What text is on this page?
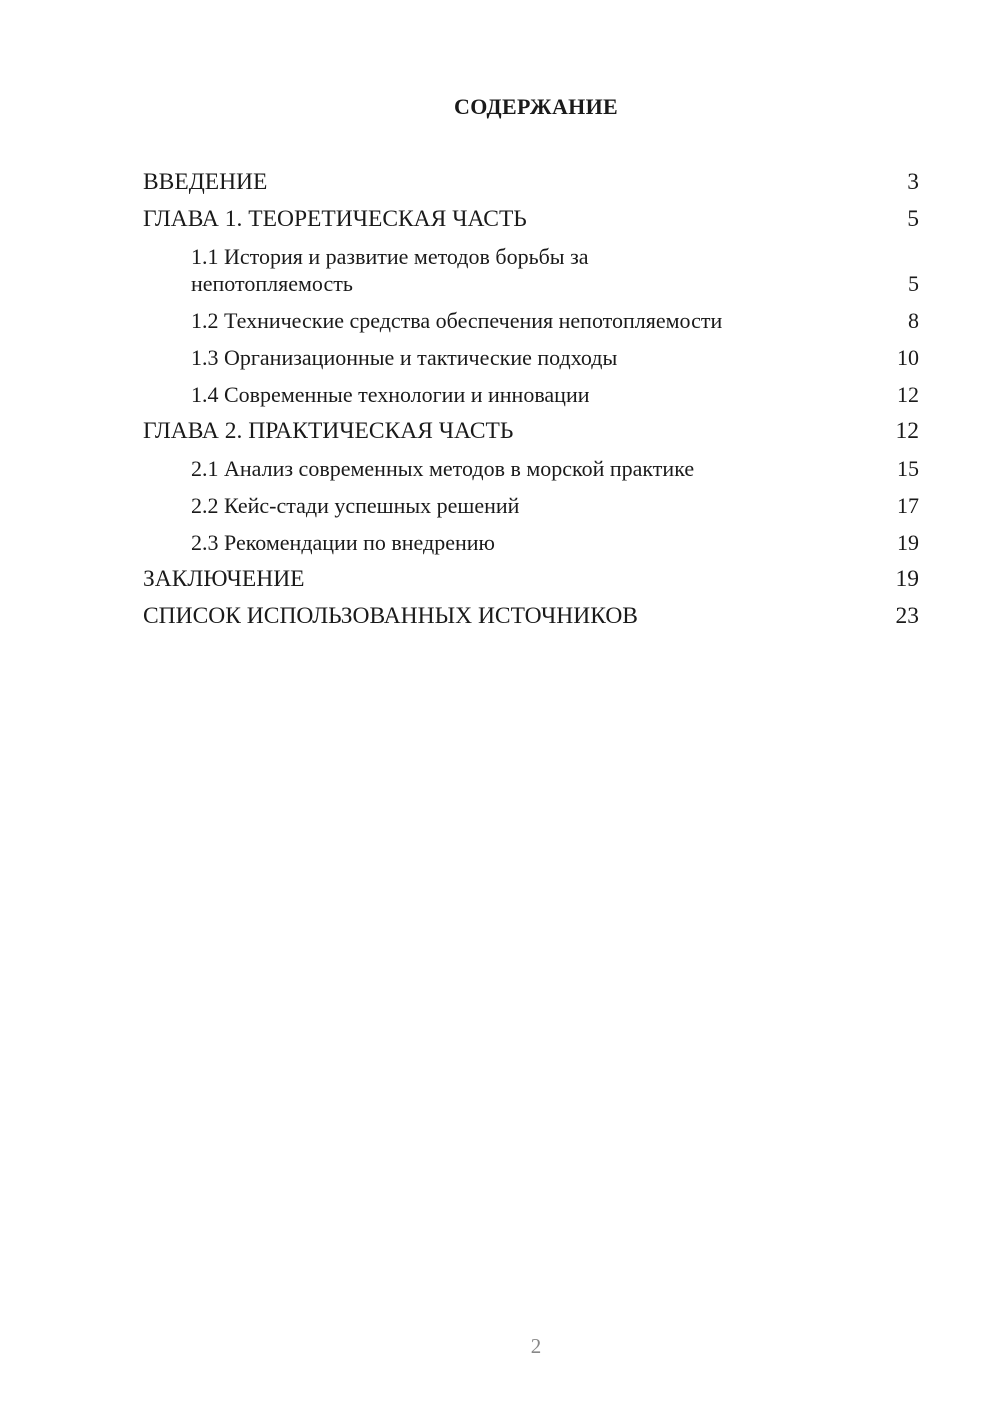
СОДЕРЖАНИЕ
ВВЕДЕНИЕ	3
ГЛАВА 1. ТЕОРЕТИЧЕСКАЯ ЧАСТЬ	5
1.1 История и развитие методов борьбы за непотопляемость	5
1.2 Технические средства обеспечения непотопляемости	8
1.3 Организационные и тактические подходы	10
1.4 Современные технологии и инновации	12
ГЛАВА 2. ПРАКТИЧЕСКАЯ ЧАСТЬ	12
2.1 Анализ современных методов в морской практике	15
2.2 Кейс-стади успешных решений	17
2.3 Рекомендации по внедрению	19
ЗАКЛЮЧЕНИЕ	19
СПИСОК ИСПОЛЬЗОВАННЫХ ИСТОЧНИКОВ	23
2
